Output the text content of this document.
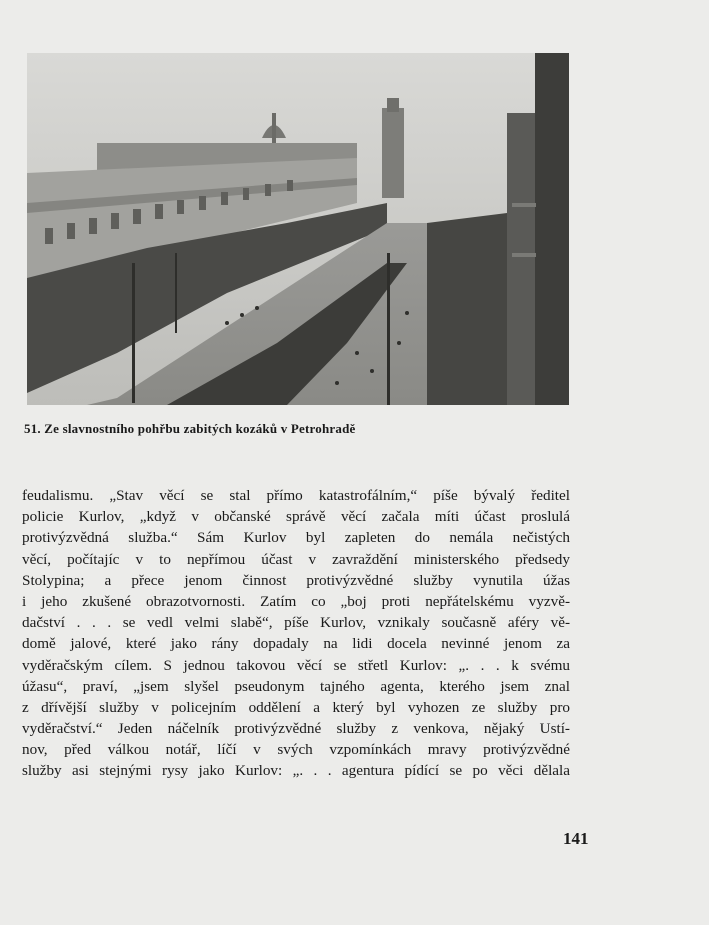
51. Ze slavnostního pohřbu zabitých kozáků v Petrohradě
feudalismu. „Stav věcí se stal přímo katastrofálním,“ píše bývalý ředitel
policie Kurlov, „když v občanské správě věcí začala míti účast proslulá
protivýzvědná služba.“ Sám Kurlov byl zapleten do nemála nečistých
věcí, počítajíc v to nepřímou účast v zavraždění ministerského předsedy
Stolypina; a přece jenom činnost protivýzvědné služby vynutila úžas
i jeho zkušené obrazotvornosti. Zatím co „boj proti nepřátelskému vyzvě-
dačství . . . se vedl velmi slabě“, píše Kurlov, vznikaly současně aféry vě-
domě jalové, které jako rány dopadaly na lidi docela nevinné jenom za
vyděračským cílem. S jednou takovou věcí se střetl Kurlov: „. . . k svému
úžasu“, praví, „jsem slyšel pseudonym tajného agenta, kterého jsem znal
z dřívější služby v policejním oddělení a který byl vyhozen ze služby pro
vyděračství.“ Jeden náčelník protivýzvědné služby z venkova, nějaký Ustí-
nov, před válkou notář, líčí v svých vzpomínkách mravy protivýzvědné
služby asi stejnými rysy jako Kurlov: „. . . agentura pídící se po věci dělala
141
